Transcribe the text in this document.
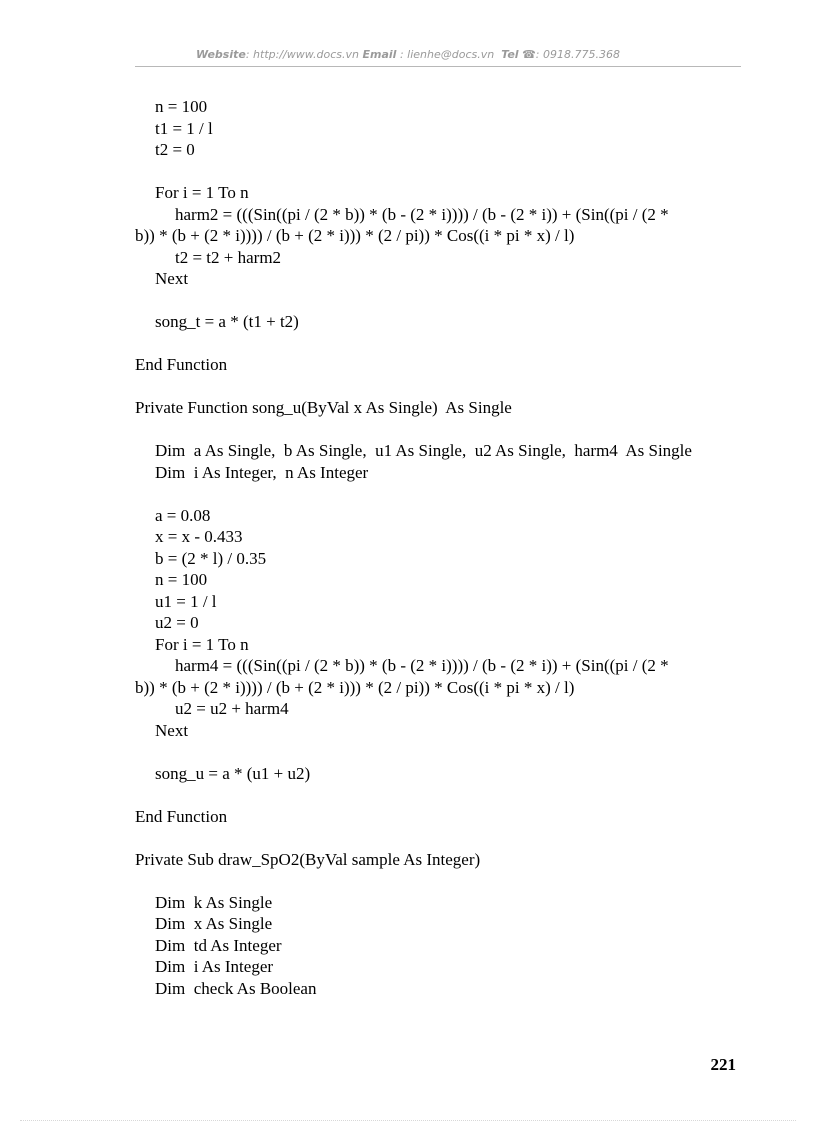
Website: http://www.docs.vn Email : lienhe@docs.vn Tel ☎: 0918.775.368
n = 100
t1 = 1 / l
t2 = 0
For i = 1 To n
harm2 = (((Sin((pi / (2 * b)) * (b - (2 * i)))) / (b - (2 * i)) + (Sin((pi / (2 *
b)) * (b + (2 * i)))) / (b + (2 * i))) * (2 / pi)) * Cos((i * pi * x) / l)
t2 = t2 + harm2
Next
song_t = a * (t1 + t2)
End Function
Private Function song_u(ByVal x As Single)  As Single
Dim  a As Single,  b As Single,  u1 As Single,  u2 As Single,  harm4  As Single
Dim  i As Integer,  n As Integer
a = 0.08
x = x - 0.433
b = (2 * l) / 0.35
n = 100
u1 = 1 / l
u2 = 0
For i = 1 To n
harm4 = (((Sin((pi / (2 * b)) * (b - (2 * i)))) / (b - (2 * i)) + (Sin((pi / (2 *
b)) * (b + (2 * i)))) / (b + (2 * i))) * (2 / pi)) * Cos((i * pi * x) / l)
u2 = u2 + harm4
Next
song_u = a * (u1 + u2)
End Function
Private Sub draw_SpO2(ByVal sample As Integer)
Dim  k As Single
Dim  x As Single
Dim  td As Integer
Dim  i As Integer
Dim  check As Boolean
221
